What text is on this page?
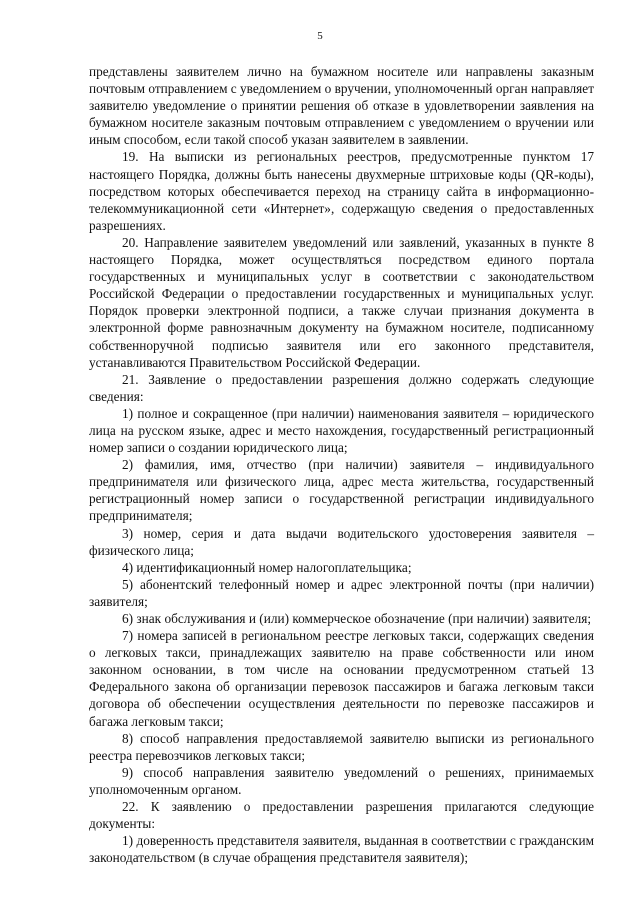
5

представлены заявителем лично на бумажном носителе или направлены заказным почтовым отправлением с уведомлением о вручении, уполномоченный орган направляет заявителю уведомление о принятии решения об отказе в удовлетворении заявления на бумажном носителе заказным почтовым отправлением с уведомлением о вручении или иным способом, если такой способ указан заявителем в заявлении.

19. На выписки из региональных реестров, предусмотренные пунктом 17 настоящего Порядка, должны быть нанесены двухмерные штриховые коды (QR-коды), посредством которых обеспечивается переход на страницу сайта в информационно-телекоммуникационной сети «Интернет», содержащую сведения о предоставленных разрешениях.

20. Направление заявителем уведомлений или заявлений, указанных в пункте 8 настоящего Порядка, может осуществляться посредством единого портала государственных и муниципальных услуг в соответствии с законодательством Российской Федерации о предоставлении государственных и муниципальных услуг. Порядок проверки электронной подписи, а также случаи признания документа в электронной форме равнозначным документу на бумажном носителе, подписанному собственноручной подписью заявителя или его законного представителя, устанавливаются Правительством Российской Федерации.

21. Заявление о предоставлении разрешения должно содержать следующие сведения:

1) полное и сокращенное (при наличии) наименования заявителя – юридического лица на русском языке, адрес и место нахождения, государственный регистрационный номер записи о создании юридического лица;

2) фамилия, имя, отчество (при наличии) заявителя – индивидуального предпринимателя или физического лица, адрес места жительства, государственный регистрационный номер записи о государственной регистрации индивидуального предпринимателя;

3) номер, серия и дата выдачи водительского удостоверения заявителя – физического лица;

4) идентификационный номер налогоплательщика;

5) абонентский телефонный номер и адрес электронной почты (при наличии) заявителя;

6) знак обслуживания и (или) коммерческое обозначение (при наличии) заявителя;

7) номера записей в региональном реестре легковых такси, содержащих сведения о легковых такси, принадлежащих заявителю на праве собственности или ином законном основании, в том числе на основании предусмотренном статьей 13 Федерального закона об организации перевозок пассажиров и багажа легковым такси договора об обеспечении осуществления деятельности по перевозке пассажиров и багажа легковым такси;

8) способ направления предоставляемой заявителю выписки из регионального реестра перевозчиков легковых такси;

9) способ направления заявителю уведомлений о решениях, принимаемых уполномоченным органом.

22. К заявлению о предоставлении разрешения прилагаются следующие документы:

1) доверенность представителя заявителя, выданная в соответствии с гражданским законодательством (в случае обращения представителя заявителя);
